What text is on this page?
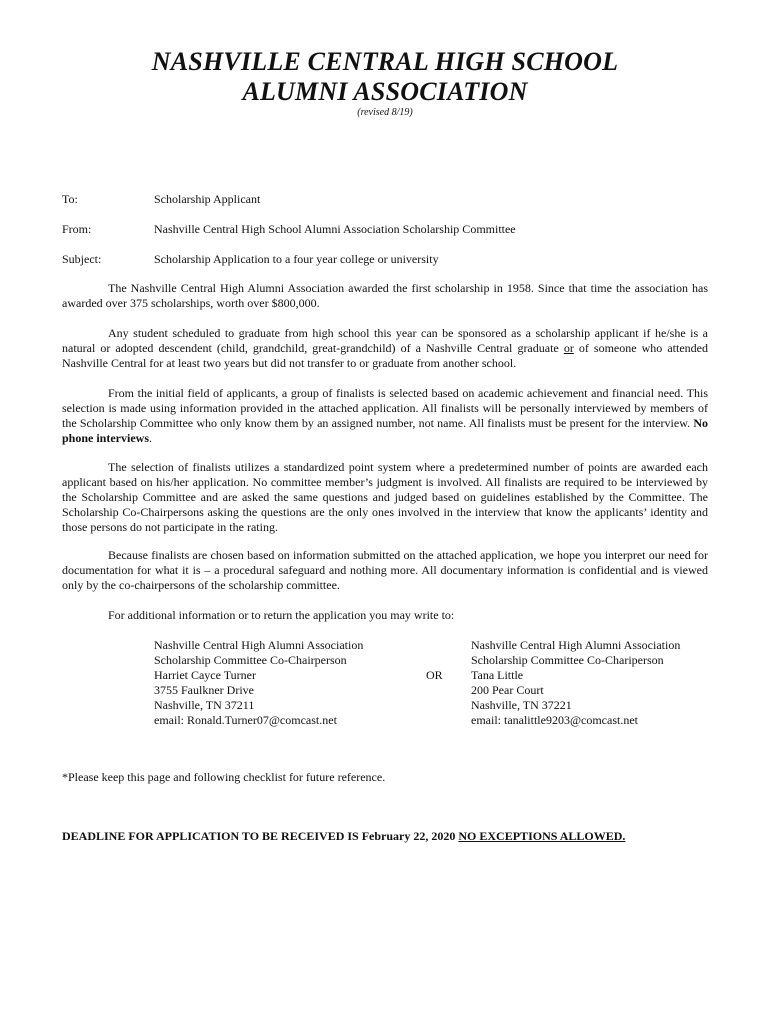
NASHVILLE CENTRAL HIGH SCHOOL
ALUMNI ASSOCIATION
(revised 8/19)
To:	Scholarship Applicant
From:	Nashville Central High School Alumni Association Scholarship Committee
Subject:	Scholarship Application to a four year college or university

The Nashville Central High Alumni Association awarded the first scholarship in 1958. Since that time the association has awarded over 375 scholarships, worth over $800,000.

Any student scheduled to graduate from high school this year can be sponsored as a scholarship applicant if he/she is a natural or adopted descendent (child, grandchild, great-grandchild) of a Nashville Central graduate or of someone who attended Nashville Central for at least two years but did not transfer to or graduate from another school.

From the initial field of applicants, a group of finalists is selected based on academic achievement and financial need. This selection is made using information provided in the attached application. All finalists will be personally interviewed by members of the Scholarship Committee who only know them by an assigned number, not name. All finalists must be present for the interview. No phone interviews.

The selection of finalists utilizes a standardized point system where a predetermined number of points are awarded each applicant based on his/her application. No committee member’s judgment is involved. All finalists are required to be interviewed by the Scholarship Committee and are asked the same questions and judged based on guidelines established by the Committee. The Scholarship Co-Chairpersons asking the questions are the only ones involved in the interview that know the applicants’ identity and those persons do not participate in the rating.

Because finalists are chosen based on information submitted on the attached application, we hope you interpret our need for documentation for what it is – a procedural safeguard and nothing more. All documentary information is confidential and is viewed only by the co-chairpersons of the scholarship committee.

For additional information or to return the application you may write to:

Nashville Central High Alumni Association
Scholarship Committee Co-Chairperson
Harriet Cayce Turner
3755 Faulkner Drive
Nashville, TN 37211
email: Ronald.Turner07@comcast.net
OR
Nashville Central High Alumni Association
Scholarship Committee Co-Chariperson
Tana Little
200 Pear Court
Nashville, TN 37221
email: tanalittle9203@comcast.net
*Please keep this page and following checklist for future reference.
DEADLINE FOR APPLICATION TO BE RECEIVED IS February 22, 2020 NO EXCEPTIONS ALLOWED.
